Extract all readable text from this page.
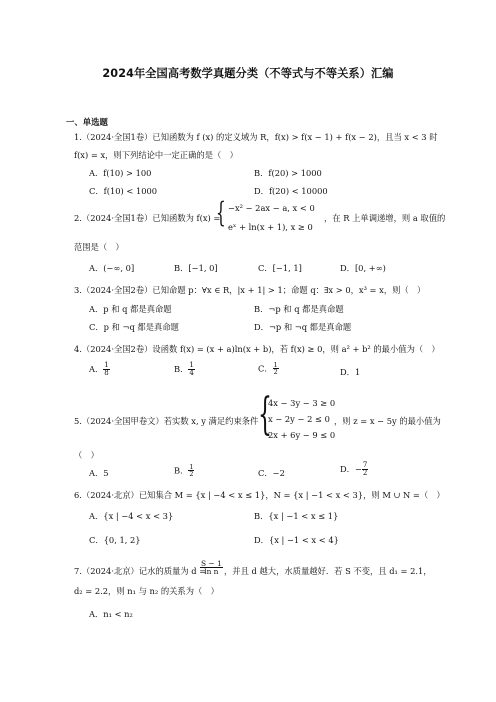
2024年全国高考数学真题分类（不等式与不等关系）汇编
一、单选题
1.（2024·全国1卷）已知函数为 f (x) 的定义域为 R，f(x) > f(x − 1) + f(x − 2)，且当 x < 3 时
f(x) = x，则下列结论中一定正确的是（　）
A．f(10) > 100	B．f(20) > 1000
C．f(10) < 1000	D．f(20) < 10000
2.（2024·全国1卷）已知函数为 f(x) =
{ −x² − 2ax − a, x < 0
eˣ + ln(x + 1), x ≥ 0
，在 R 上单调递增，则 a 取值的
范围是（　）
A．(−∞, 0]	B．[−1, 0]	C．[−1, 1]	D．[0, +∞)
3.（2024·全国2卷）已知命题 p：∀x ∈ R，|x + 1| > 1；命题 q：∃x > 0，x³ = x，则（　）
A．p 和 q 都是真命题	B．¬p 和 q 都是真命题
C．p 和 ¬q 都是真命题	D．¬p 和 ¬q 都是真命题
4.（2024·全国2卷）设函数 f(x) = (x + a)ln(x + b)，若 f(x) ≥ 0，则 a² + b² 的最小值为（　）
A． $\frac{1}{8}$	B． $\frac{1}{4}$	C． $\frac{1}{2}$	D．1
5.（2024·全国甲卷文）若实数 x, y 满足约束条件 {
4x − 3y − 3 ≥ 0
x − 2y − 2 ≤ 0
2x + 6y − 9 ≤ 0
，则 z = x − 5y 的最小值为
（　）
A．5	B． $\frac{1}{2}$	C．−2	D．− $\frac{7}{2}$
6.（2024·北京）已知集合 M = {x | −4 < x ≤ 1}，N = {x | −1 < x < 3}，则 M ∪ N =（　）
A．{x | −4 < x < 3}	B．{x | −1 < x ≤ 1}
C．{0, 1, 2}	D．{x | −1 < x < 4}
7.（2024·北京）记水的质量为 d =
$\frac{S - 1}{\text{ln n}}$ ，并且 d 越大，水质量越好．若 S 不变，且 d₁ = 2.1，
d₂ = 2.2，则 n₁ 与 n₂ 的关系为（　）
A．n₁ < n₂
